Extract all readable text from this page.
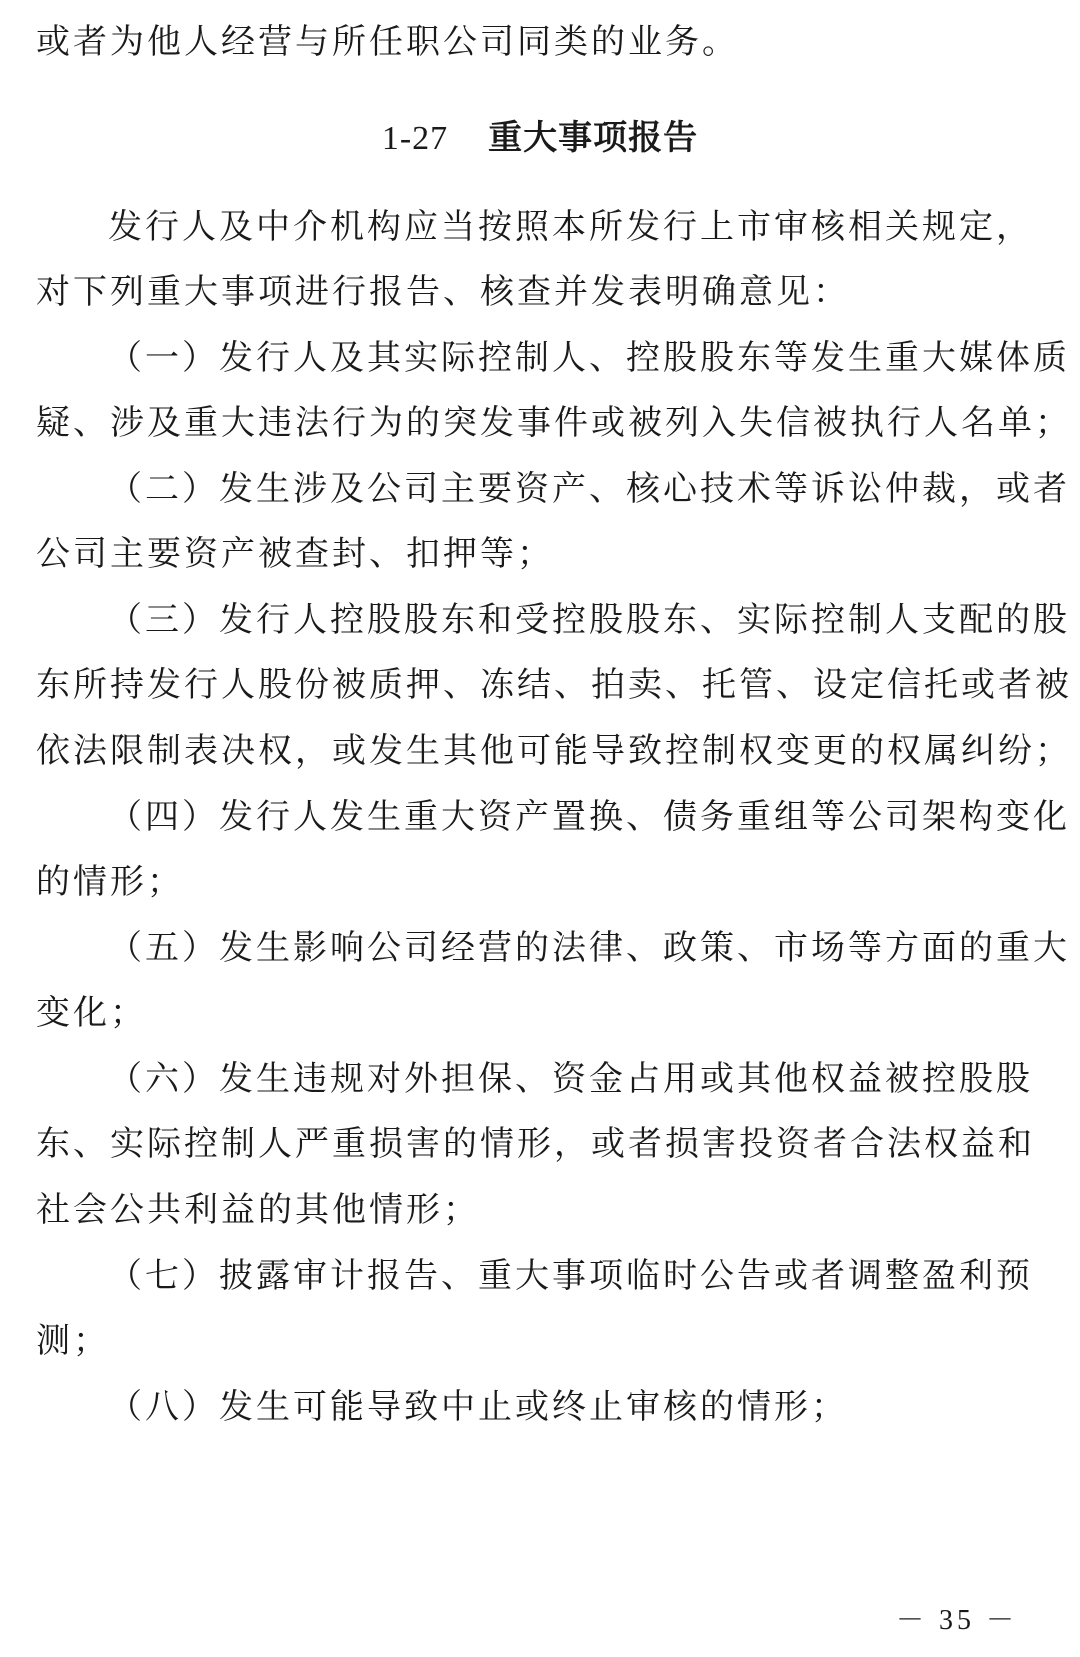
或者为他人经营与所任职公司同类的业务。
1-27 重大事项报告
发行人及中介机构应当按照本所发行上市审核相关规定，
对下列重大事项进行报告、核查并发表明确意见：
（一）发行人及其实际控制人、控股股东等发生重大媒体质
疑、涉及重大违法行为的突发事件或被列入失信被执行人名单；
（二）发生涉及公司主要资产、核心技术等诉讼仲裁，或者
公司主要资产被查封、扣押等；
（三）发行人控股股东和受控股股东、实际控制人支配的股
东所持发行人股份被质押、冻结、拍卖、托管、设定信托或者被
依法限制表决权，或发生其他可能导致控制权变更的权属纠纷；
（四）发行人发生重大资产置换、债务重组等公司架构变化
的情形；
（五）发生影响公司经营的法律、政策、市场等方面的重大
变化；
（六）发生违规对外担保、资金占用或其他权益被控股股
东、实际控制人严重损害的情形，或者损害投资者合法权益和
社会公共利益的其他情形；
（七）披露审计报告、重大事项临时公告或者调整盈利预
测；
（八）发生可能导致中止或终止审核的情形；
－ 35 －
